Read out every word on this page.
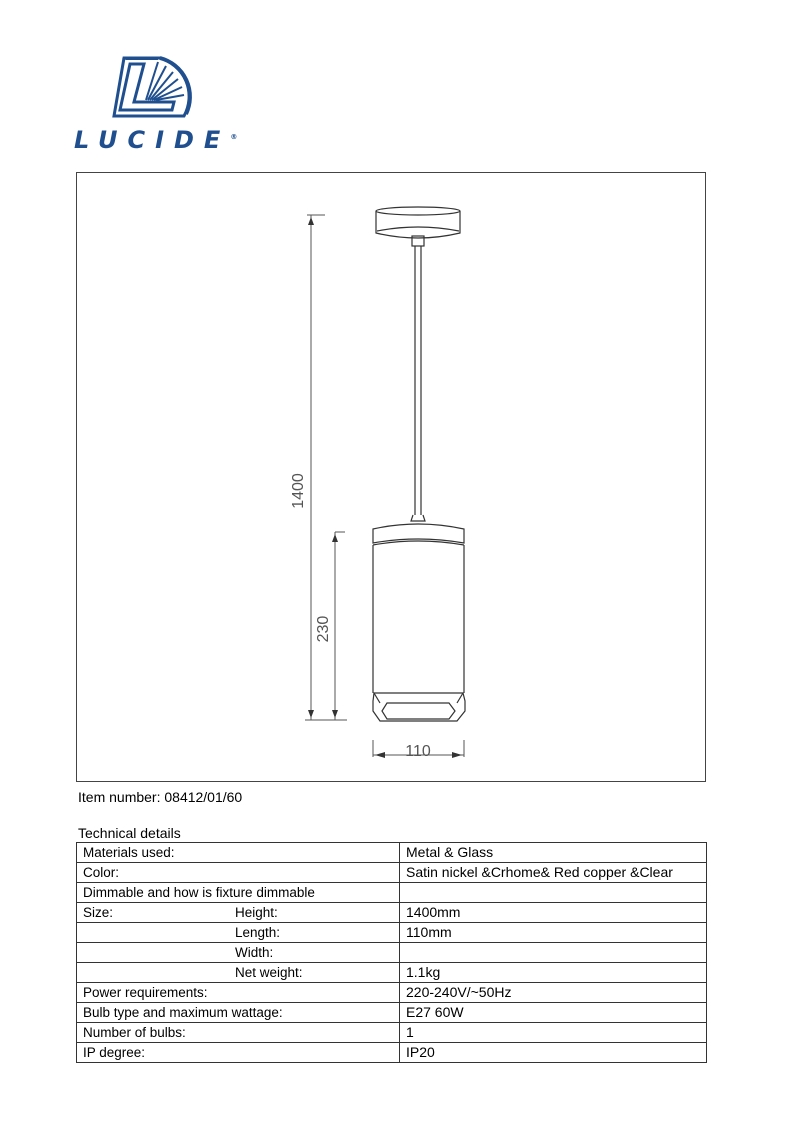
LUCIDE®
1400
230
110
Item number: 08412/01/60
Technical details
Materials used:	Metal & Glass
Color:	Satin nickel &Crhome& Red copper &Clear
Dimmable and how is fixture dimmable	
Size: Height:	1400mm
Length:	110mm
Width:	
Net weight:	1.1kg
Power requirements:	220-240V/~50Hz
Bulb type and maximum wattage:	E27 60W
Number of bulbs:	1
IP degree:	IP20
